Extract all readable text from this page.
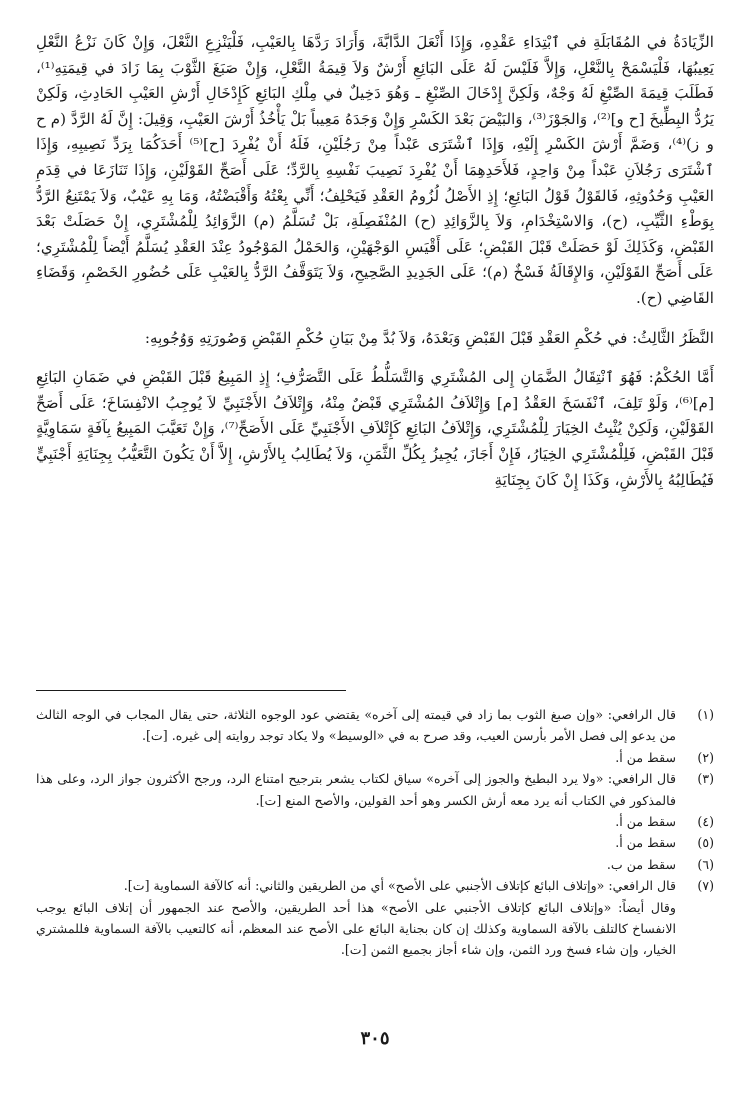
الزِّيَادَةُ في المُقَابَلَةِ في ٱبْتِدَاءِ عَقْدِهِ، وَإِذَا أَنْعَلَ الدَّابَّةَ، وَأَرَادَ رَدَّهَا بِالعَيْبِ، فَلْيَنْزِعِ النَّعْلَ، وَإِنْ كَانَ نَزْعُ النَّعْلِ يَعِيبُهَا، فَلْيَسْمَحْ بِالنَّعْلِ، وَإِلاَّ فَلَيْسَ لَهُ عَلَى البَائِعِ أَرْشٌ وَلاَ قِيمَةُ النَّعْلِ، وَإِنْ صَبَغَ الثَّوْبَ بِمَا زَادَ في قِيمَتِهِ⁽¹⁾، فَطَلَبَ قِيمَةَ الصِّبْغِ لَهُ وَجْهٌ، وَلَكِنَّ إِدْخَالَ الصِّبْغِ ـ وَهُوَ دَخِيلٌ في مِلْكِ البَائِعِ كَإِدْخَالِ أَرْشِ العَيْبِ الحَادِثِ، وَلَكِنْ يَرُدُّ البِطِّيخَ [ح و]⁽²⁾، وَالجَوْزَ⁽³⁾، وَالبَيْضَ بَعْدَ الكَسْرِ وَإِنْ وَجَدَهُ مَعِيباً بَلْ يَأْخُذُ أَرْشَ العَيْبِ، وَقِيلَ: إِنَّ لَهُ الرَّدَّ (م ح و ز)⁽⁴⁾، وَضَمَّ أَرْشَ الكَسْرِ إِلَيْهِ، وَإِذَا ٱشْتَرَى عَبْداً مِنْ رَجُلَيْنِ، فَلَهُ أَنْ يُفْرِدَ [ح]⁽⁵⁾ أَحَدَكُمَا بِرَدِّ نَصِيبِهِ، وَإِذَا ٱشْتَرَى رَجُلاَنِ عَبْداً مِنْ وَاحِدٍ، فَلأَحَدِهِمَا أَنْ يُفْرِدَ نَصِيبَ نَفْسِهِ بِالرَّدِّ؛ عَلَى أَصَحِّ القَوْلَيْنِ، وَإِذَا تَنَازَعَا في قِدَمِ العَيْبِ وَحُدُوثِهِ، فَالقَوْلُ قَوْلُ البَائِعِ؛ إِذِ الأَصْلُ لُزُومُ العَقْدِ فَيَحْلِفُ؛ أَنِّي بِعْتُهُ وَأَقْبَضْتُهُ، وَمَا بِهِ عَيْبٌ، وَلاَ يَمْتَنِعُ الرَّدُّ بِوَطْءِ الثَّيِّبِ، (ح)، وَالاسْتِخْدَامِ، وَلاَ بِالزَّوَائِدِ (ح) المُنْفَصِلَةِ، بَلْ تُسَلَّمُ (م) الزَّوَائِدُ لِلْمُشْتَرِي، إِنْ حَصَلَتْ بَعْدَ القَبْضِ، وَكَذَلِكَ لَوْ حَصَلَتْ قَبْلَ القَبْضِ؛ عَلَى أَقْيَسِ الوَجْهَيْنِ، وَالحَمْلُ المَوْجُودُ عِنْدَ العَقْدِ يُسَلَّمُ أَيْضاً لِلْمُشْتَرِي؛ عَلَى أَصَحِّ القَوْلَيْنِ، وَالإِقَالَةُ فَسْخٌ (م)؛ عَلَى الجَدِيدِ الصَّحِيحِ، وَلاَ يَتَوَقَّفُ الرَّدُّ بِالعَيْبِ عَلَى حُضُورِ الخَصْمِ، وَقَضَاءِ القَاضِي (ح).

النَّظَرُ الثَّالِثُ: في حُكْمِ العَقْدِ قَبْلَ القَبْضِ وَبَعْدَهُ، وَلاَ بُدَّ مِنْ بَيَانِ حُكْمِ القَبْضِ وَصُورَتِهِ وَوُجُوبِهِ:

أَمَّا الحُكْمُ: فَهُوَ ٱنْتِقَالُ الضَّمَانِ إِلى المُشْتَرِي وَالتَّسَلُّطُ عَلَى التَّصَرُّفِ؛ إِذِ المَبِيعُ قَبْلَ القَبْضِ في ضَمَانِ البَائِعِ [م]⁽⁶⁾، وَلَوْ تَلِفَ، ٱنْفَسَخَ العَقْدُ [م] وَإِتْلاَفُ المُشْتَرِي قَبْضٌ مِنْهُ، وَإِتْلاَفُ الأَجْنَبِيِّ لاَ يُوجِبُ الانْفِسَاخَ؛ عَلَى أَصَحِّ القَوْلَيْنِ، وَلَكِنْ يُثْبِتُ الخِيَارَ لِلْمُشْتَرِي، وَإِتْلاَفُ البَائِعِ كَإِتْلاَفِ الأَجْنَبِيِّ عَلَى الأَصَحِّ⁽⁷⁾، وَإِنْ تَعَيَّبَ المَبِيعُ بِآفَةٍ سَمَاوِيَّةٍ قَبْلَ القَبْضِ، فَلِلْمُشْتَرِي الخِيَارُ، فَإِنْ أَجَازَ، يُجِيزُ بِكُلِّ الثَّمَنِ، وَلاَ يُطَالِبُ بِالأَرْشِ، إِلاَّ أَنْ يَكُونَ التَّعَيُّبُ بِجِنَايَةِ أَجْنَبِيٍّ فَيُطَالِبُهُ بِالأَرْشِ، وَكَذَا إِنْ كَانَ بِجِنَايَةِ

(١)
قال الرافعي: «وإن صبغ الثوب بما زاد في قيمته إلى آخره» يقتضي عود الوجوه الثلاثة، حتى يقال المجاب في الوجه الثالث من يدعو إلى فصل الأمر بأرسن العيب، وقد صرح به في «الوسيط» ولا يكاد توجد روايته إلى غيره. [ت].
(٢)
سقط من أ.
(٣)
قال الرافعي: «ولا يرد البطيخ والجوز إلى آخره» سياق لكتاب يشعر بترجيح امتناع الرد، ورجح الأكثرون جواز الرد، وعلى هذا فالمذكور في الكتاب أنه يرد معه أرش الكسر وهو أحد القولين، والأصح المنع [ت].
(٤)
سقط من أ.
(٥)
سقط من أ.
(٦)
سقط من ب.
(٧)
قال الرافعي: «وإتلاف البائع كإتلاف الأجنبي على الأصح» أي من الطريقين والثاني: أنه كالآفة السماوية [ت].
وقال أيضاً: «وإتلاف البائع كإتلاف الأجنبي على الأصح» هذا أحد الطريقين، والأصح عند الجمهور أن إتلاف البائع يوجب الانفساخ كالتلف بالآفة السماوية وكذلك إن كان بجناية البائع على الأصح عند المعظم، أنه كالتعيب بالآفة السماوية فللمشتري الخيار، وإن شاء فسخ ورد الثمن، وإن شاء أجاز بجميع الثمن [ت].
٣٠٥
